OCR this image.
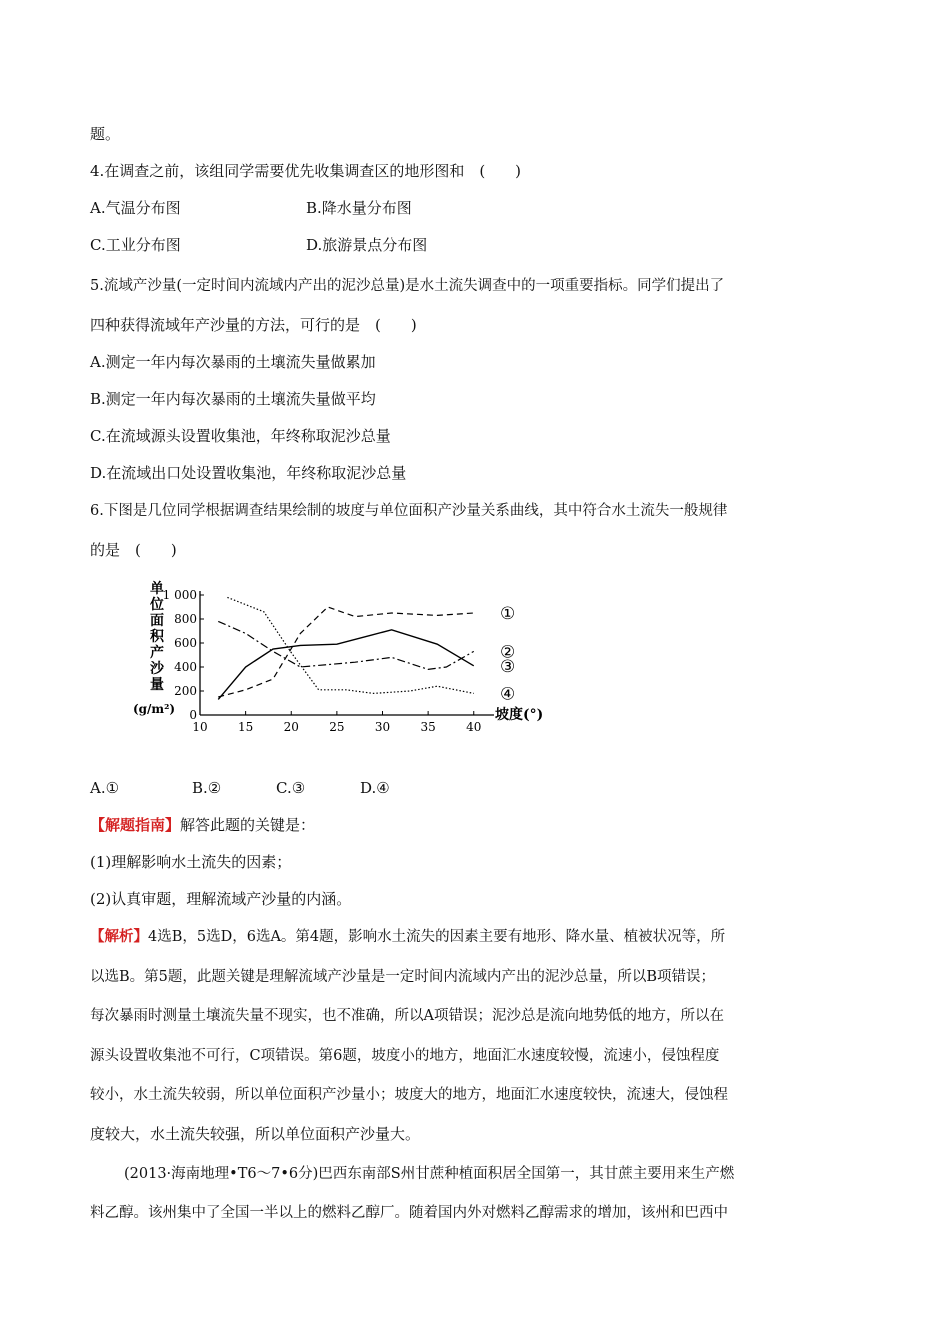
题。
4.在调查之前，该组同学需要优先收集调查区的地形图和　(　　)
A.气温分布图	B.降水量分布图
C.工业分布图	D.旅游景点分布图
5.流域产沙量(一定时间内流域内产出的泥沙总量)是水土流失调查中的一项重要指标。同学们提出了
四种获得流域年产沙量的方法，可行的是　(　　)
A.测定一年内每次暴雨的土壤流失量做累加
B.测定一年内每次暴雨的土壤流失量做平均
C.在流域源头设置收集池，年终称取泥沙总量
D.在流域出口处设置收集池，年终称取泥沙总量
6.下图是几位同学根据调查结果绘制的坡度与单位面积产沙量关系曲线，其中符合水土流失一般规律
的是　(　　)
单
位
面
积
产
沙
量
(g/m²) 0
200
400
600
800
1 000
10	15	20	25	30	35	40
①
②
③
④
坡度(°)
A.①	B.②	C.③	D.④
【解题指南】解答此题的关键是：
(1)理解影响水土流失的因素；
(2)认真审题，理解流域产沙量的内涵。
【解析】4选B，5选D，6选A。第4题，影响水土流失的因素主要有地形、降水量、植被状况等，所
以选B。第5题，此题关键是理解流域产沙量是一定时间内流域内产出的泥沙总量，所以B项错误；
每次暴雨时测量土壤流失量不现实，也不准确，所以A项错误；泥沙总是流向地势低的地方，所以在
源头设置收集池不可行，C项错误。第6题，坡度小的地方，地面汇水速度较慢，流速小，侵蚀程度
较小，水土流失较弱，所以单位面积产沙量小；坡度大的地方，地面汇水速度较快，流速大，侵蚀程
度较大，水土流失较强，所以单位面积产沙量大。
(2013·海南地理•T6～7•6分)巴西东南部S州甘蔗种植面积居全国第一，其甘蔗主要用来生产燃
料乙醇。该州集中了全国一半以上的燃料乙醇厂。随着国内外对燃料乙醇需求的增加，该州和巴西中
